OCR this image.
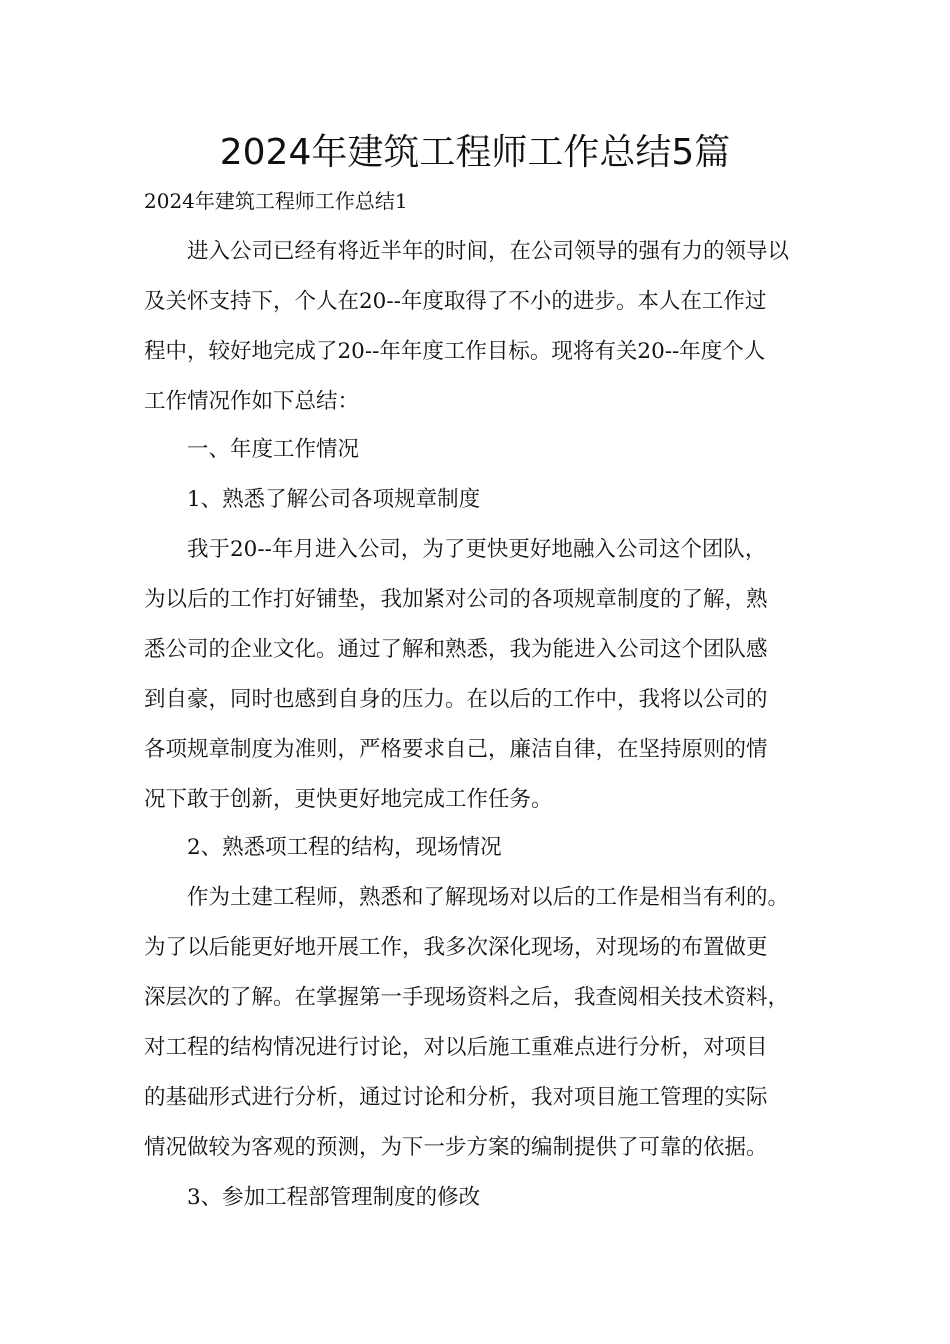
2024年建筑工程师工作总结5篇
2024年建筑工程师工作总结1
　　进入公司已经有将近半年的时间，在公司领导的强有力的领导以
及关怀支持下，个人在20--年度取得了不小的进步。本人在工作过
程中，较好地完成了20--年年度工作目标。现将有关20--年度个人
工作情况作如下总结：
　　一、年度工作情况
　　1、熟悉了解公司各项规章制度
　　我于20--年月进入公司，为了更快更好地融入公司这个团队，
为以后的工作打好铺垫，我加紧对公司的各项规章制度的了解，熟
悉公司的企业文化。通过了解和熟悉，我为能进入公司这个团队感
到自豪，同时也感到自身的压力。在以后的工作中，我将以公司的
各项规章制度为准则，严格要求自己，廉洁自律，在坚持原则的情
况下敢于创新，更快更好地完成工作任务。
　　2、熟悉项工程的结构，现场情况
　　作为土建工程师，熟悉和了解现场对以后的工作是相当有利的。
为了以后能更好地开展工作，我多次深化现场，对现场的布置做更
深层次的了解。在掌握第一手现场资料之后，我查阅相关技术资料，
对工程的结构情况进行讨论，对以后施工重难点进行分析，对项目
的基础形式进行分析，通过讨论和分析，我对项目施工管理的实际
情况做较为客观的预测，为下一步方案的编制提供了可靠的依据。
　　3、参加工程部管理制度的修改
